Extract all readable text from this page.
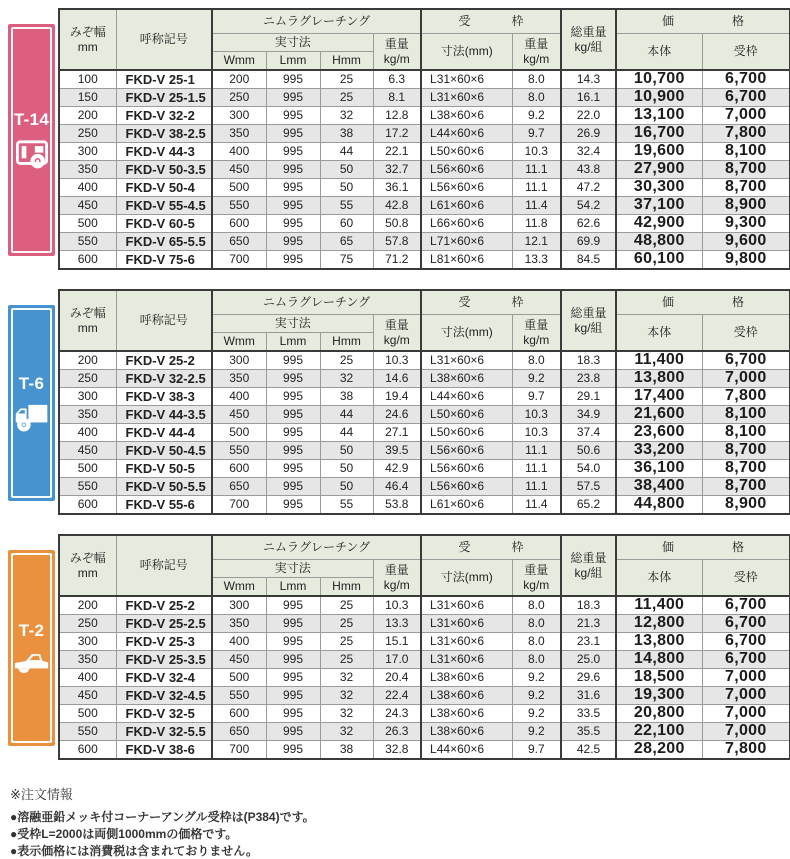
T-14
みぞ幅
mm	呼称記号	ニムラグレーチング				受 枠		総重量
kg/組	価 格	

		実寸法			重量
kg/m	寸法(mm)	重量
kg/m		本体	受枠
		Wmm	Lmm	Hmm						
100	FKD-V 25-1	200	995	25	6.3	L31×60×6	8.0	14.3	10,700	6,700
150	FKD-V 25-1.5	250	995	25	8.1	L31×60×6	8.0	16.1	10,900	6,700
200	FKD-V 32-2	300	995	32	12.8	L38×60×6	9.2	22.0	13,100	7,000
250	FKD-V 38-2.5	350	995	38	17.2	L44×60×6	9.7	26.9	16,700	7,800
300	FKD-V 44-3	400	995	44	22.1	L50×60×6	10.3	32.4	19,600	8,100
350	FKD-V 50-3.5	450	995	50	32.7	L56×60×6	11.1	43.8	27,900	8,700
400	FKD-V 50-4	500	995	50	36.1	L56×60×6	11.1	47.2	30,300	8,700
450	FKD-V 55-4.5	550	995	55	42.8	L61×60×6	11.4	54.2	37,100	8,900
500	FKD-V 60-5	600	995	60	50.8	L66×60×6	11.8	62.6	42,900	9,300
550	FKD-V 65-5.5	650	995	65	57.8	L71×60×6	12.1	69.9	48,800	9,600
600	FKD-V 75-6	700	995	75	71.2	L81×60×6	13.3	84.5	60,100	9,800
T-6
みぞ幅
mm	呼称記号	ニムラグレーチング				受 枠		総重量
kg/組	価 格	

		実寸法			重量
kg/m	寸法(mm)	重量
kg/m		本体	受枠
		Wmm	Lmm	Hmm						
200	FKD-V 25-2	300	995	25	10.3	L31×60×6	8.0	18.3	11,400	6,700
250	FKD-V 32-2.5	350	995	32	14.6	L38×60×6	9.2	23.8	13,800	7,000
300	FKD-V 38-3	400	995	38	19.4	L44×60×6	9.7	29.1	17,400	7,800
350	FKD-V 44-3.5	450	995	44	24.6	L50×60×6	10.3	34.9	21,600	8,100
400	FKD-V 44-4	500	995	44	27.1	L50×60×6	10.3	37.4	23,600	8,100
450	FKD-V 50-4.5	550	995	50	39.5	L56×60×6	11.1	50.6	33,200	8,700
500	FKD-V 50-5	600	995	50	42.9	L56×60×6	11.1	54.0	36,100	8,700
550	FKD-V 50-5.5	650	995	50	46.4	L56×60×6	11.1	57.5	38,400	8,700
600	FKD-V 55-6	700	995	55	53.8	L61×60×6	11.4	65.2	44,800	8,900
T-2
みぞ幅
mm	呼称記号	ニムラグレーチング				受 枠		総重量
kg/組	価 格	

		実寸法			重量
kg/m	寸法(mm)	重量
kg/m		本体	受枠
		Wmm	Lmm	Hmm						
200	FKD-V 25-2	300	995	25	10.3	L31×60×6	8.0	18.3	11,400	6,700
250	FKD-V 25-2.5	350	995	25	13.3	L31×60×6	8.0	21.3	12,800	6,700
300	FKD-V 25-3	400	995	25	15.1	L31×60×6	8.0	23.1	13,800	6,700
350	FKD-V 25-3.5	450	995	25	17.0	L31×60×6	8.0	25.0	14,800	6,700
400	FKD-V 32-4	500	995	32	20.4	L38×60×6	9.2	29.6	18,500	7,000
450	FKD-V 32-4.5	550	995	32	22.4	L38×60×6	9.2	31.6	19,300	7,000
500	FKD-V 32-5	600	995	32	24.3	L38×60×6	9.2	33.5	20,800	7,000
550	FKD-V 32-5.5	650	995	32	26.3	L38×60×6	9.2	35.5	22,100	7,000
600	FKD-V 38-6	700	995	38	32.8	L44×60×6	9.7	42.5	28,200	7,800
※注文情報
●溶融亜鉛メッキ付コーナーアングル受枠は(P384)です。
●受枠L=2000は両側1000mmの価格です。
●表示価格には消費税は含まれておりません。
